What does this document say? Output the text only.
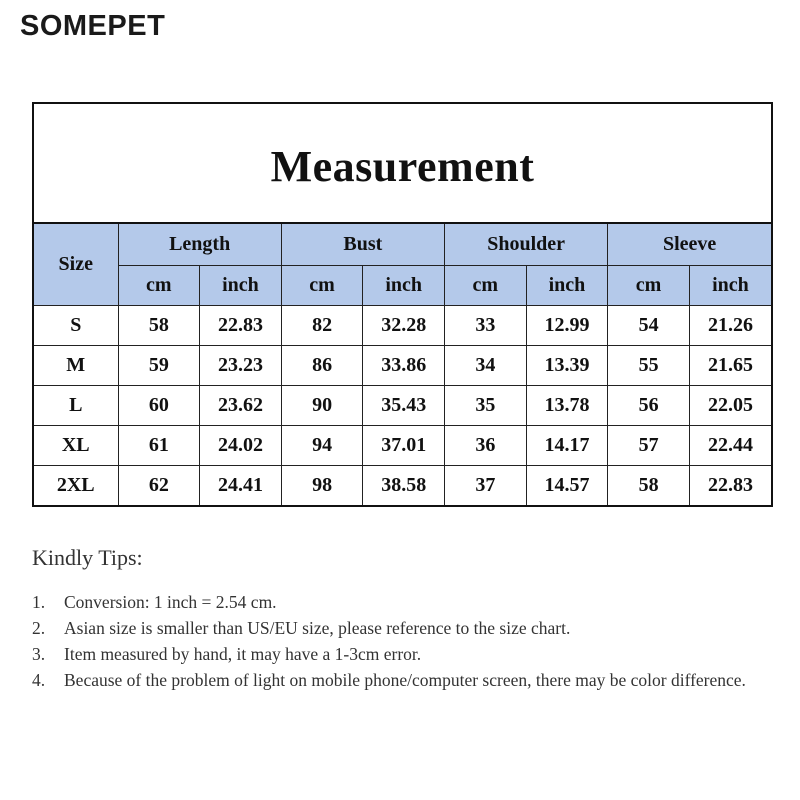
SOMEPET
Measurement
Size	Length		Bust		Shoulder		Sleeve	
	cm	inch	cm	inch	cm	inch	cm	inch
S	58	22.83	82	32.28	33	12.99	54	21.26
M	59	23.23	86	33.86	34	13.39	55	21.65
L	60	23.62	90	35.43	35	13.78	56	22.05
XL	61	24.02	94	37.01	36	14.17	57	22.44
2XL	62	24.41	98	38.58	37	14.57	58	22.83
Kindly Tips:
1.	Conversion: 1 inch = 2.54 cm.
2.	Asian size is smaller than US/EU size, please reference to the size chart.
3.	Item measured by hand, it may have a 1-3cm error.
4.	Because of the problem of light on mobile phone/computer screen, there may be color difference.
